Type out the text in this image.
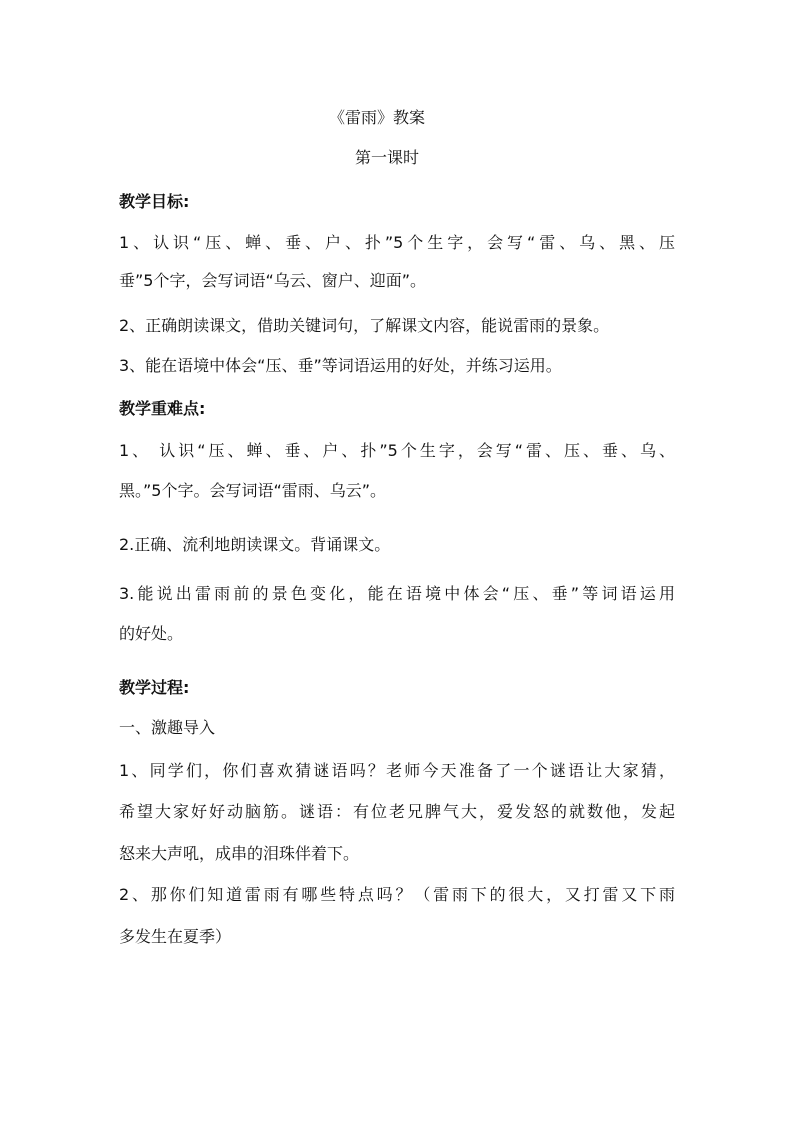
《雷雨》教案
第一课时
教学目标:
1、认识“压、蝉、垂、户、扑”5个生字，会写“雷、乌、黑、压
垂”5个字，会写词语“乌云、窗户、迎面”。
2、正确朗读课文，借助关键词句，了解课文内容，能说雷雨的景象。
3、能在语境中体会“压、垂”等词语运用的好处，并练习运用。
教学重难点:
1、 认识“压、蝉、垂、户、扑”5个生字，会写“雷、压、垂、乌、
黑。”5个字。会写词语“雷雨、乌云”。
2.正确、流利地朗读课文。背诵课文。
3.能说出雷雨前的景色变化，能在语境中体会“压、垂”等词语运用
的好处。
教学过程:
一、激趣导入
1、同学们，你们喜欢猜谜语吗？老师今天准备了一个谜语让大家猜，
希望大家好好动脑筋。谜语：有位老兄脾气大，爱发怒的就数他，发起
怒来大声吼，成串的泪珠伴着下。
2、那你们知道雷雨有哪些特点吗？（雷雨下的很大，又打雷又下雨
多发生在夏季）
